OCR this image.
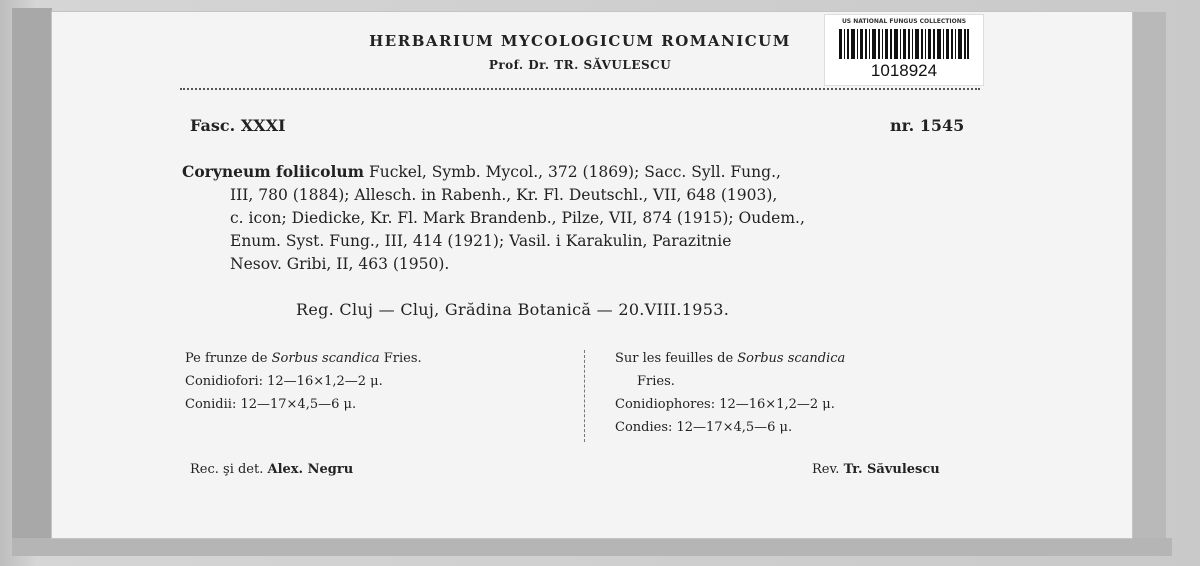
HERBARIUM MYCOLOGICUM ROMANICUM
Prof. Dr. TR. SĂVULESCU
US NATIONAL FUNGUS COLLECTIONS
1018924
Fasc. XXXI	nr. 1545
Coryneum foliicolum Fuckel, Symb. Mycol., 372 (1869); Sacc. Syll. Fung.,
III, 780 (1884); Allesch. in Rabenh., Kr. Fl. Deutschl., VII, 648 (1903),
c. icon; Diedicke, Kr. Fl. Mark Brandenb., Pilze, VII, 874 (1915); Oudem.,
Enum. Syst. Fung., III, 414 (1921); Vasil. i Karakulin, Parazitnie
Nesov. Gribi, II, 463 (1950).
Reg. Cluj — Cluj, Grădina Botanică — 20.VIII.1953.
Pe frunze de Sorbus scandica Fries.
Conidiofori: 12—16×1,2—2 μ.
Conidii: 12—17×4,5—6 μ.
Sur les feuilles de Sorbus scandica
Fries.
Conidiophores: 12—16×1,2—2 μ.
Condies: 12—17×4,5—6 μ.
Rec. şi det. Alex. Negru	Rev. Tr. Săvulescu
